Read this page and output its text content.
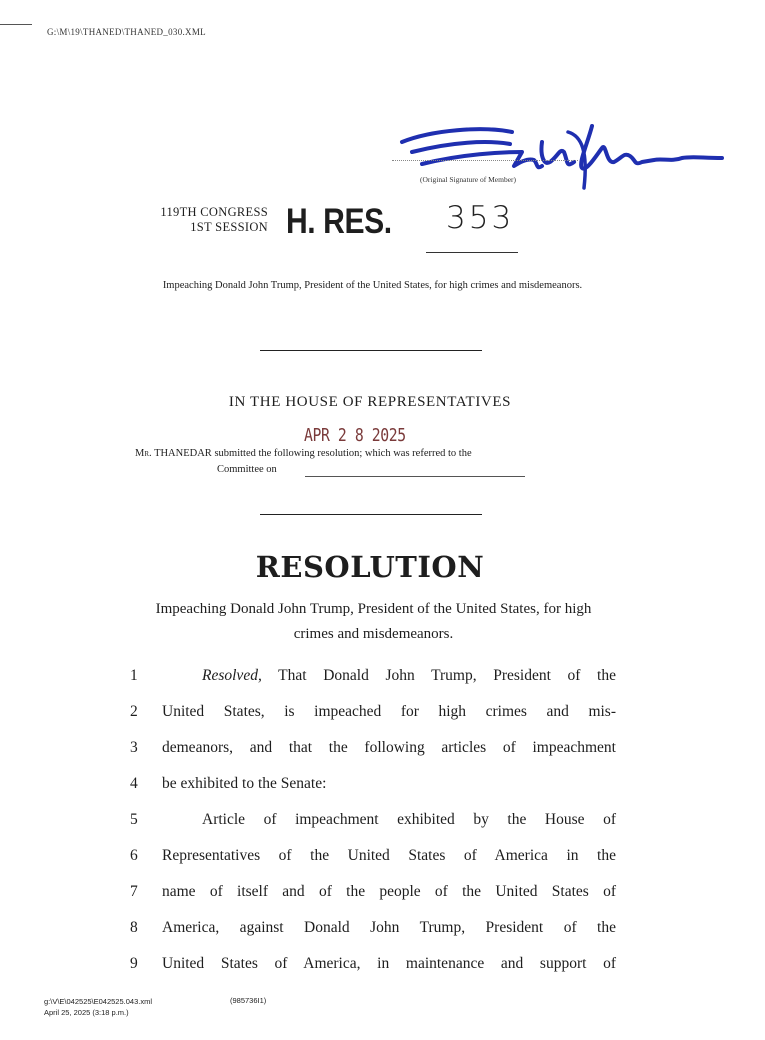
G:\M\19\THANED\THANED_030.XML
(Original Signature of Member)
119TH CONGRESS
1ST SESSION H. RES. 353
Impeaching Donald John Trump, President of the United States, for high crimes and misdemeanors.
IN THE HOUSE OF REPRESENTATIVES
APR 2 8 2025
Mr. THANEDAR submitted the following resolution; which was referred to the
Committee on
RESOLUTION
Impeaching Donald John Trump, President of the United States, for high crimes and misdemeanors.
1	Resolved, That Donald John Trump, President of the
2	United States, is impeached for high crimes and mis-
3	demeanors, and that the following articles of impeachment
4	be exhibited to the Senate:
5	Article of impeachment exhibited by the House of
6	Representatives of the United States of America in the
7	name of itself and of the people of the United States of
8	America, against Donald John Trump, President of the
9	United States of America, in maintenance and support of
g:\V\E\042525\E042525.043.xml
April 25, 2025 (3:18 p.m.)
(985736I1)
